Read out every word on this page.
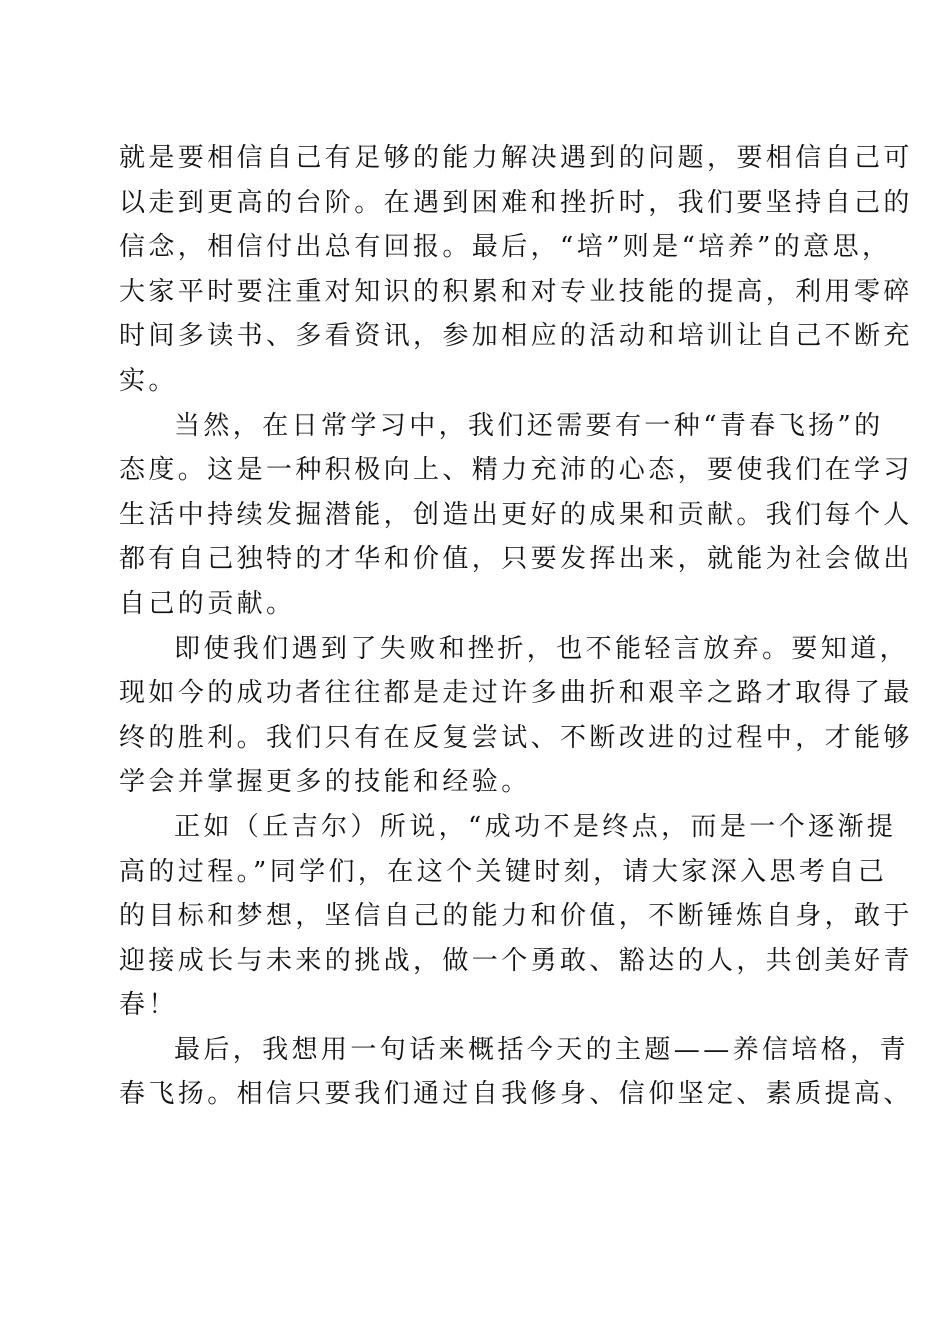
就是要相信自己有足够的能力解决遇到的问题，要相信自己可
以走到更高的台阶。在遇到困难和挫折时，我们要坚持自己的
信念，相信付出总有回报。最后，“培”则是“培养”的意思，
大家平时要注重对知识的积累和对专业技能的提高，利用零碎
时间多读书、多看资讯，参加相应的活动和培训让自己不断充
实。
当然，在日常学习中，我们还需要有一种“青春飞扬”的
态度。这是一种积极向上、精力充沛的心态，要使我们在学习
生活中持续发掘潜能，创造出更好的成果和贡献。我们每个人
都有自己独特的才华和价值，只要发挥出来，就能为社会做出
自己的贡献。
即使我们遇到了失败和挫折，也不能轻言放弃。要知道，
现如今的成功者往往都是走过许多曲折和艰辛之路才取得了最
终的胜利。我们只有在反复尝试、不断改进的过程中，才能够
学会并掌握更多的技能和经验。
正如（丘吉尔）所说，“成功不是终点，而是一个逐渐提
高的过程。”同学们，在这个关键时刻，请大家深入思考自己
的目标和梦想，坚信自己的能力和价值，不断锤炼自身，敢于
迎接成长与未来的挑战，做一个勇敢、豁达的人，共创美好青
春！
最后，我想用一句话来概括今天的主题——养信培格，青
春飞扬。相信只要我们通过自我修身、信仰坚定、素质提高、
